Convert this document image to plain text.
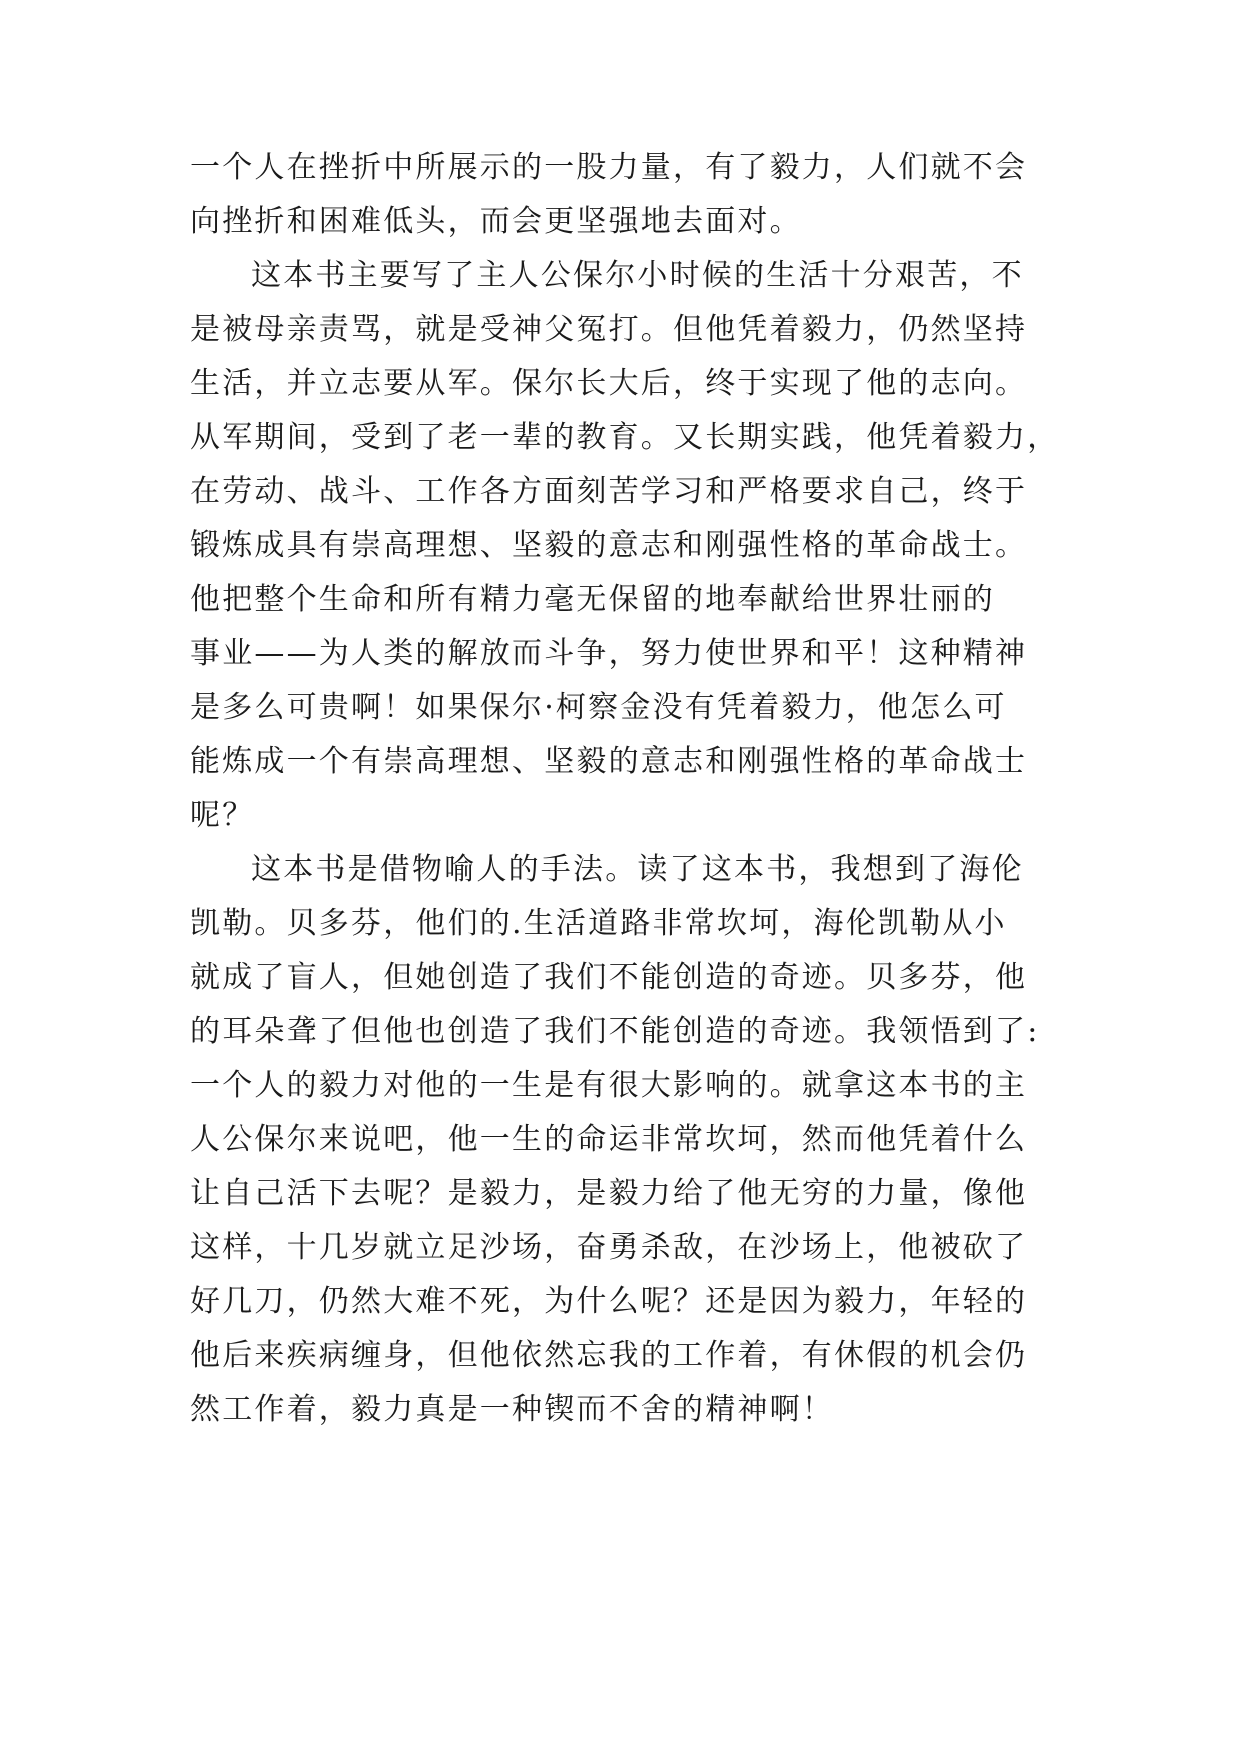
一个人在挫折中所展示的一股力量，有了毅力，人们就不会
向挫折和困难低头，而会更坚强地去面对。
这本书主要写了主人公保尔小时候的生活十分艰苦，不
是被母亲责骂，就是受神父冤打。但他凭着毅力，仍然坚持
生活，并立志要从军。保尔长大后，终于实现了他的志向。
从军期间，受到了老一辈的教育。又长期实践，他凭着毅力，
在劳动、战斗、工作各方面刻苦学习和严格要求自己，终于
锻炼成具有崇高理想、坚毅的意志和刚强性格的革命战士。
他把整个生命和所有精力毫无保留的地奉献给世界壮丽的
事业——为人类的解放而斗争，努力使世界和平！这种精神
是多么可贵啊！如果保尔·柯察金没有凭着毅力，他怎么可
能炼成一个有崇高理想、坚毅的意志和刚强性格的革命战士
呢？
这本书是借物喻人的手法。读了这本书，我想到了海伦
凯勒。贝多芬，他们的.生活道路非常坎坷，海伦凯勒从小
就成了盲人，但她创造了我们不能创造的奇迹。贝多芬，他
的耳朵聋了但他也创造了我们不能创造的奇迹。我领悟到了:
一个人的毅力对他的一生是有很大影响的。就拿这本书的主
人公保尔来说吧，他一生的命运非常坎坷，然而他凭着什么
让自己活下去呢？是毅力，是毅力给了他无穷的力量，像他
这样，十几岁就立足沙场，奋勇杀敌，在沙场上，他被砍了
好几刀，仍然大难不死，为什么呢？还是因为毅力，年轻的
他后来疾病缠身，但他依然忘我的工作着，有休假的机会仍
然工作着，毅力真是一种锲而不舍的精神啊！
